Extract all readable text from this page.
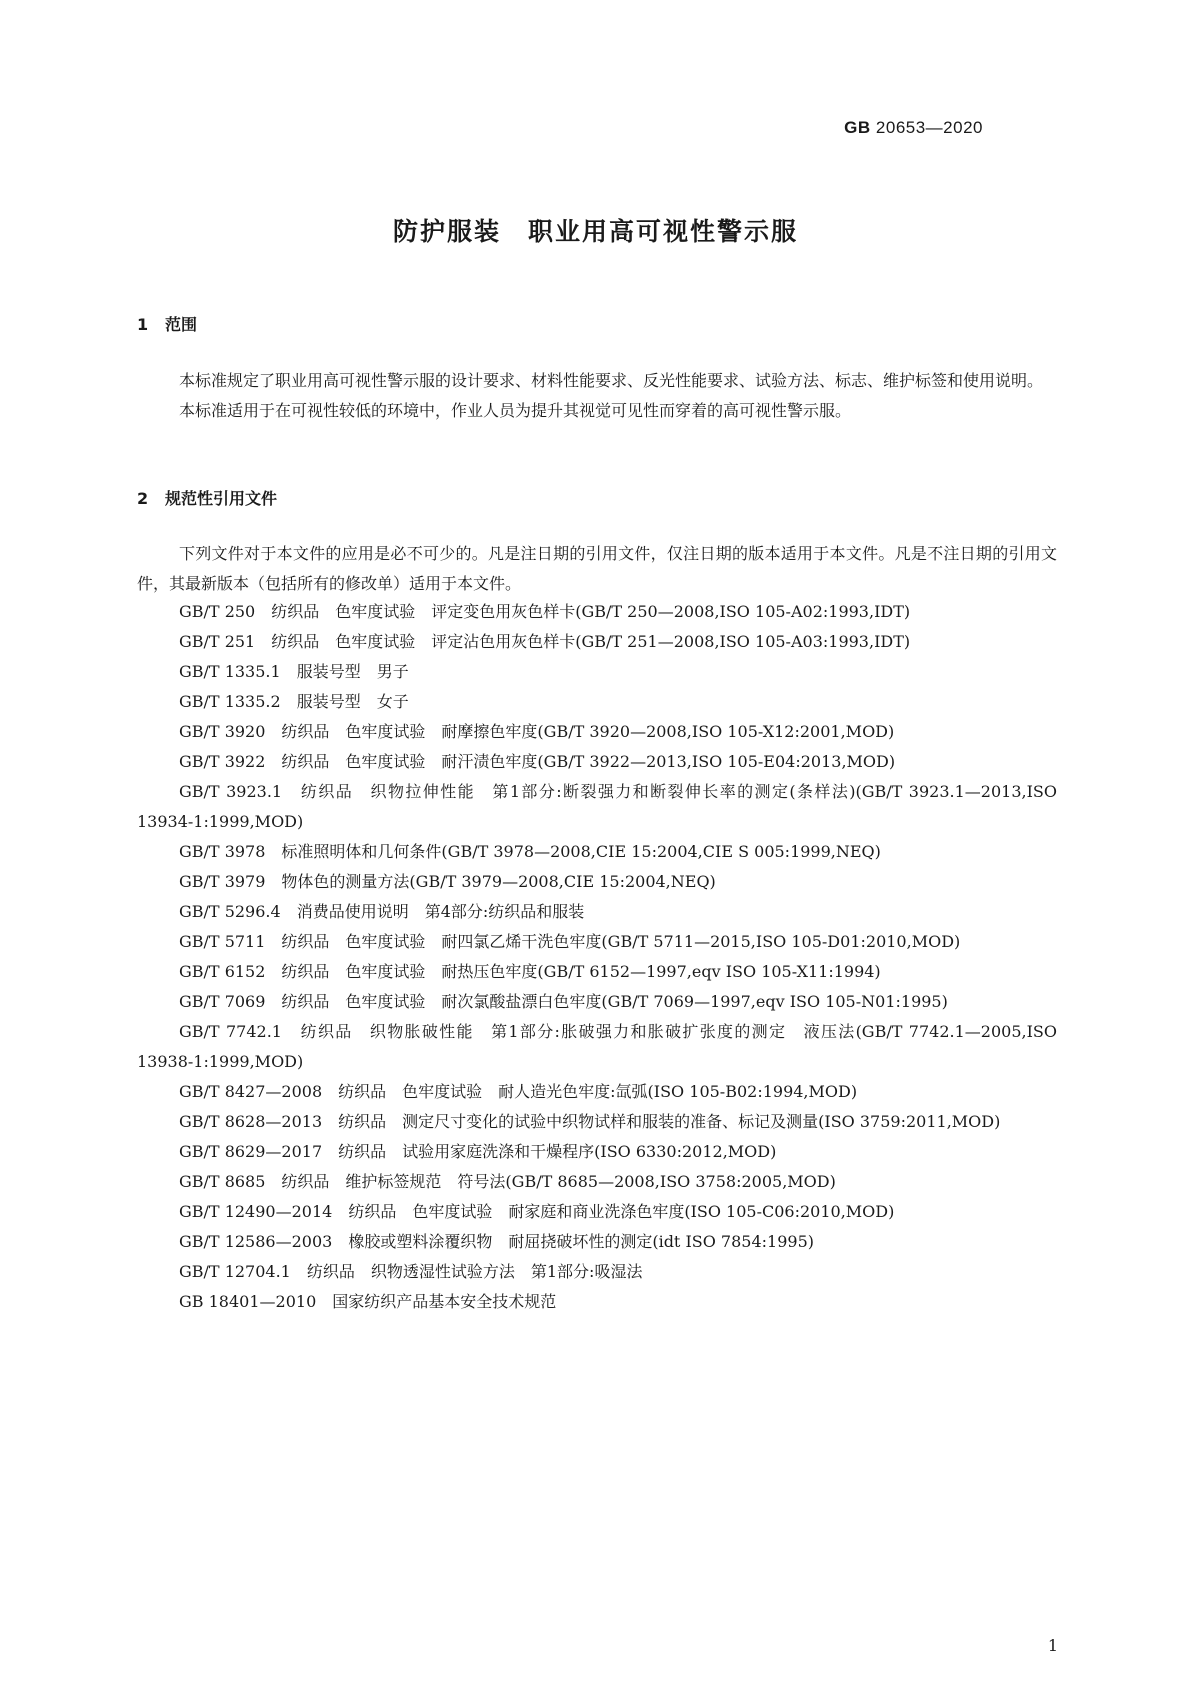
GB 20653—2020
防护服装　职业用高可视性警示服
1 范围

本标准规定了职业用高可视性警示服的设计要求、材料性能要求、反光性能要求、试验方法、标志、维护标签和使用说明。

本标准适用于在可视性较低的环境中，作业人员为提升其视觉可见性而穿着的高可视性警示服。

2 规范性引用文件

下列文件对于本文件的应用是必不可少的。凡是注日期的引用文件，仅注日期的版本适用于本文件。凡是不注日期的引用文件，其最新版本（包括所有的修改单）适用于本文件。

GB/T 250　 纺织品　色牢度试验　评定变色用灰色样卡(GB/T 250—2008,ISO 105-A02:1993,IDT)
GB/T 251　 纺织品　色牢度试验　评定沾色用灰色样卡(GB/T 251—2008,ISO 105-A03:1993,IDT)
GB/T 1335.1　 服装号型　男子
GB/T 1335.2　 服装号型　女子
GB/T 3920　 纺织品　色牢度试验　耐摩擦色牢度(GB/T 3920—2008,ISO 105-X12:2001,MOD)
GB/T 3922　 纺织品　色牢度试验　耐汗渍色牢度(GB/T 3922—2013,ISO 105-E04:2013,MOD)
GB/T 3923.1　 纺织品　织物拉伸性能　第1部分:断裂强力和断裂伸长率的测定(条样法)(GB/T 3923.1—2013,ISO 13934-1:1999,MOD)
GB/T 3978　 标准照明体和几何条件(GB/T 3978—2008,CIE 15:2004,CIE S 005:1999,NEQ)
GB/T 3979　 物体色的测量方法(GB/T 3979—2008,CIE 15:2004,NEQ)
GB/T 5296.4　 消费品使用说明　第4部分:纺织品和服装
GB/T 5711　 纺织品　色牢度试验　耐四氯乙烯干洗色牢度(GB/T 5711—2015,ISO 105-D01:2010,MOD)
GB/T 6152　 纺织品　色牢度试验　耐热压色牢度(GB/T 6152—1997,eqv ISO 105-X11:1994)
GB/T 7069　 纺织品　色牢度试验　耐次氯酸盐漂白色牢度(GB/T 7069—1997,eqv ISO 105-N01:1995)
GB/T 7742.1　 纺织品　织物胀破性能　第1部分:胀破强力和胀破扩张度的测定　液压法(GB/T 7742.1—2005,ISO 13938-1:1999,MOD)
GB/T 8427—2008　 纺织品　色牢度试验　耐人造光色牢度:氙弧(ISO 105-B02:1994,MOD)
GB/T 8628—2013　 纺织品　测定尺寸变化的试验中织物试样和服装的准备、标记及测量(ISO 3759:2011,MOD)
GB/T 8629—2017　 纺织品　试验用家庭洗涤和干燥程序(ISO 6330:2012,MOD)
GB/T 8685　 纺织品　维护标签规范　符号法(GB/T 8685—2008,ISO 3758:2005,MOD)
GB/T 12490—2014　 纺织品　色牢度试验　耐家庭和商业洗涤色牢度(ISO 105-C06:2010,MOD)
GB/T 12586—2003　 橡胶或塑料涂覆织物　耐屈挠破坏性的测定(idt ISO 7854:1995)
GB/T 12704.1　 纺织品　织物透湿性试验方法　第1部分:吸湿法
GB 18401—2010　 国家纺织产品基本安全技术规范
1
